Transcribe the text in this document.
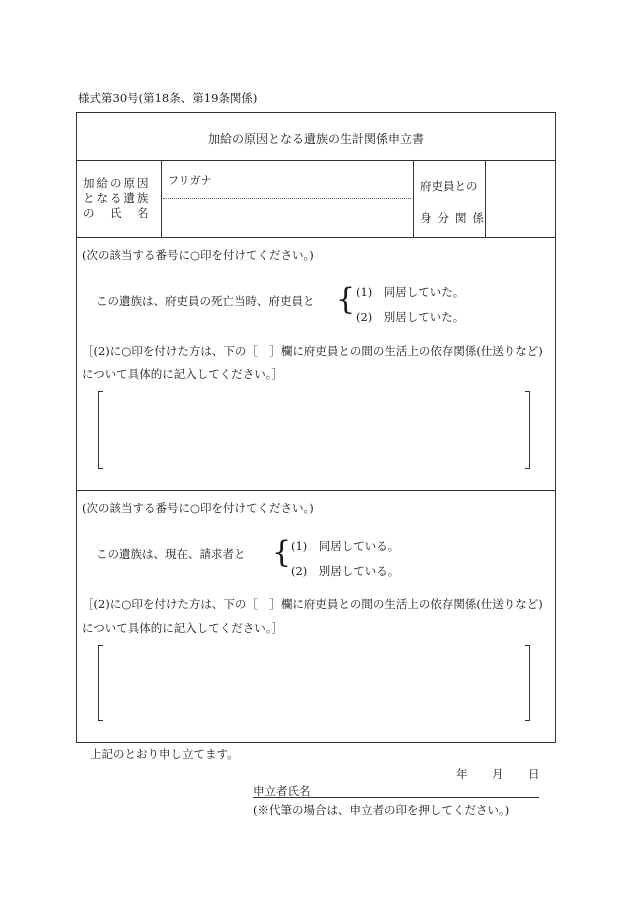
様式第30号(第18条、第19条関係)
加給の原因となる遺族の生計関係申立書
加給の原因
となる遺族
の　氏　名
フリガナ	府吏員との
身分関係
(次の該当する番号に○印を付けてください。)
この遺族は、府吏員の死亡当時、府吏員と { (1)　同居していた。
(2)　別居していた。
［(2)に○印を付けた方は、下の［　］欄に府吏員との間の生活上の依存関係(仕送りなど)
について具体的に記入してください。］
(次の該当する番号に○印を付けてください。)
この遺族は、現在、請求者と { (1)　同居している。
(2)　別居している。
［(2)に○印を付けた方は、下の［　］欄に府吏員との間の生活上の依存関係(仕送りなど)
について具体的に記入してください。］
上記のとおり申し立てます。
年 月 日
申立者氏名
(※代筆の場合は、申立者の印を押してください。)
